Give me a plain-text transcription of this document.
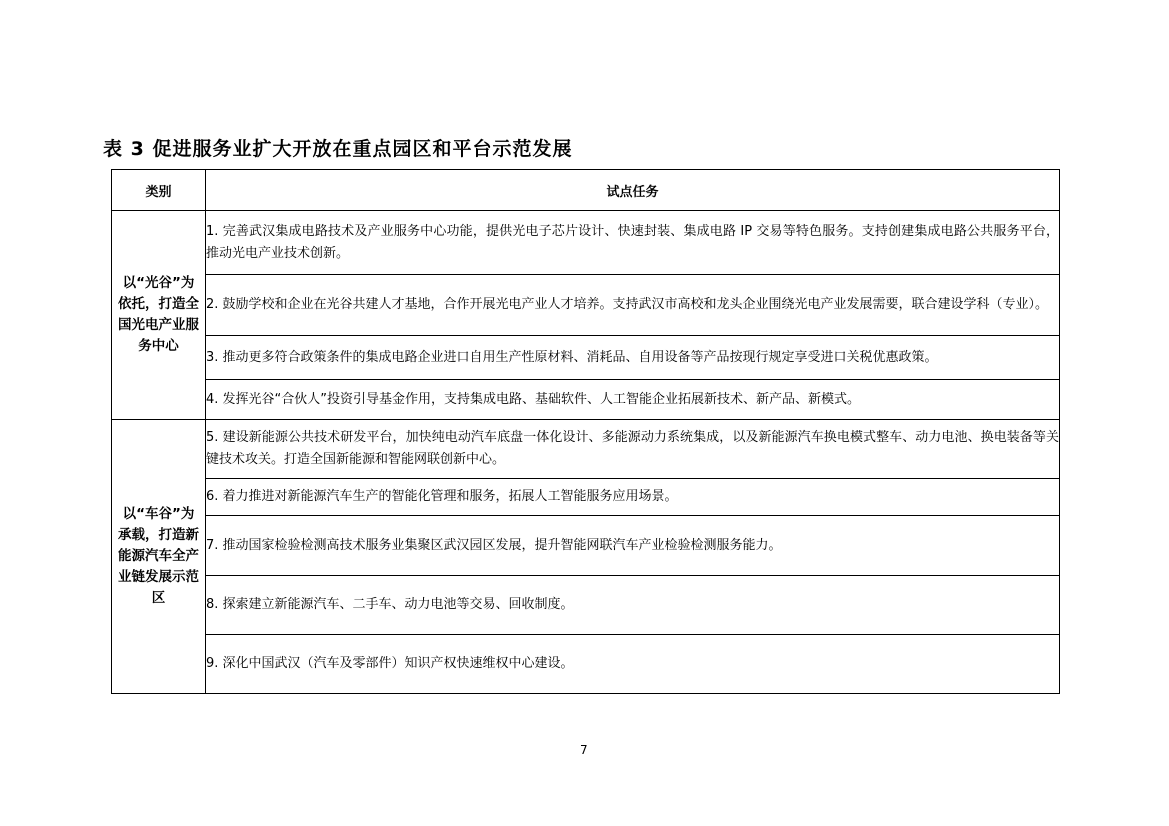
表 3 促进服务业扩大开放在重点园区和平台示范发展
类别	试点任务

以“光谷”为依托，打造全国光电产业服务中心	1. 完善武汉集成电路技术及产业服务中心功能，提供光电子芯片设计、快速封装、集成电路 IP 交易等特色服务。支持创建集成电路公共服务平台，推动光电产业技术创新。
	2. 鼓励学校和企业在光谷共建人才基地，合作开展光电产业人才培养。支持武汉市高校和龙头企业围绕光电产业发展需要，联合建设学科（专业）。
	3. 推动更多符合政策条件的集成电路企业进口自用生产性原材料、消耗品、自用设备等产品按现行规定享受进口关税优惠政策。
	4. 发挥光谷“合伙人”投资引导基金作用，支持集成电路、基础软件、人工智能企业拓展新技术、新产品、新模式。

以“车谷”为承载，打造新能源汽车全产业链发展示范区	5. 建设新能源公共技术研发平台，加快纯电动汽车底盘一体化设计、多能源动力系统集成，以及新能源汽车换电模式整车、动力电池、换电装备等关键技术攻关。打造全国新能源和智能网联创新中心。
	6. 着力推进对新能源汽车生产的智能化管理和服务，拓展人工智能服务应用场景。
	7. 推动国家检验检测高技术服务业集聚区武汉园区发展，提升智能网联汽车产业检验检测服务能力。
	8. 探索建立新能源汽车、二手车、动力电池等交易、回收制度。
	9. 深化中国武汉（汽车及零部件）知识产权快速维权中心建设。
7
